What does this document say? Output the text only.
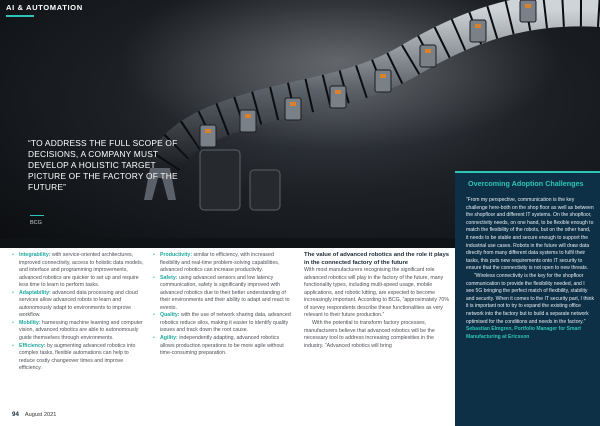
AI & AUTOMATION
“TO ADDRESS THE FULL SCOPE OF DECISIONS, A COMPANY MUST DEVELOP A HOLISTIC TARGET PICTURE OF THE FACTORY OF THE FUTURE”
BCG
• Integrability: with service-oriented architectures, improved connectivity, access to holistic data models, and interface and programming improvements, advanced robotics are quicker to set up and require less time to learn to perform tasks.
• Adaptability: advanced data processing and cloud services allow advanced robots to learn and autonomously adapt to environments to improve workflow.
• Mobility: harnessing machine learning and computer vision, advanced robotics are able to autonomously guide themselves through environments.
• Efficiency: by augmenting advanced robotics into complex tasks, flexible automations can help to reduce costly changeover times and improve efficiency.
• Productivity: similar to efficiency, with increased flexibility and real-time problem-solving capabilities, advanced robotics can increase productivity.
• Safety: using advanced sensors and low latency communication, safety is significantly improved with advanced robotics due to their better understanding of their environments and their ability to adapt and react to events.
• Quality: with the use of network sharing data, advanced robotics reduce silos, making it easier to identify quality issues and track down the root cause.
• Agility: independently adapting, advanced robotics allows production operations to be more agile without time-consuming preparation.
The value of advanced robotics and the role it plays in the connected factory of the future

With most manufacturers recognising the significant role advanced robotics will play in the factory of the future, many functionality types, including multi-speed usage, mobile applications, and robotic kitting, are expected to become increasingly important. According to BCG, “approximately 70% of survey respondents describe these functionalities as very relevant to their future production.”

With the potential to transform factory processes, manufacturers believe that advanced robotics will be the necessary tool to address increasing complexities in the industry. “Advanced robotics will bring

Overcoming Adoption Challenges

“From my perspective, communication is the key challenge here-both on the shop floor as well as between the shopfloor and different IT systems. On the shopfloor, connectivity needs, on one hand, to be flexible enough to match the flexibility of the robots, but on the other hand, it needs to be stable and secure enough to support the industrial use cases. Robots in the future will draw data directly from many different data systems to fulfil their tasks, this puts new requirements onto IT security to ensure that the connectivity is not open to new threats.

“Wireless connectivity is the key for the shopfloor communication to provide the flexibility needed, and I see 5G bringing the perfect match of flexibility, stability and security. When it comes to the IT security part, I think it is important not to try to expand the existing office network into the factory but to build a separate network optimised for the conditions and needs in the factory.”

Sebastian Elmgren, Portfolio Manager for Smart Manufacturing at Ericsson

94 August 2021
